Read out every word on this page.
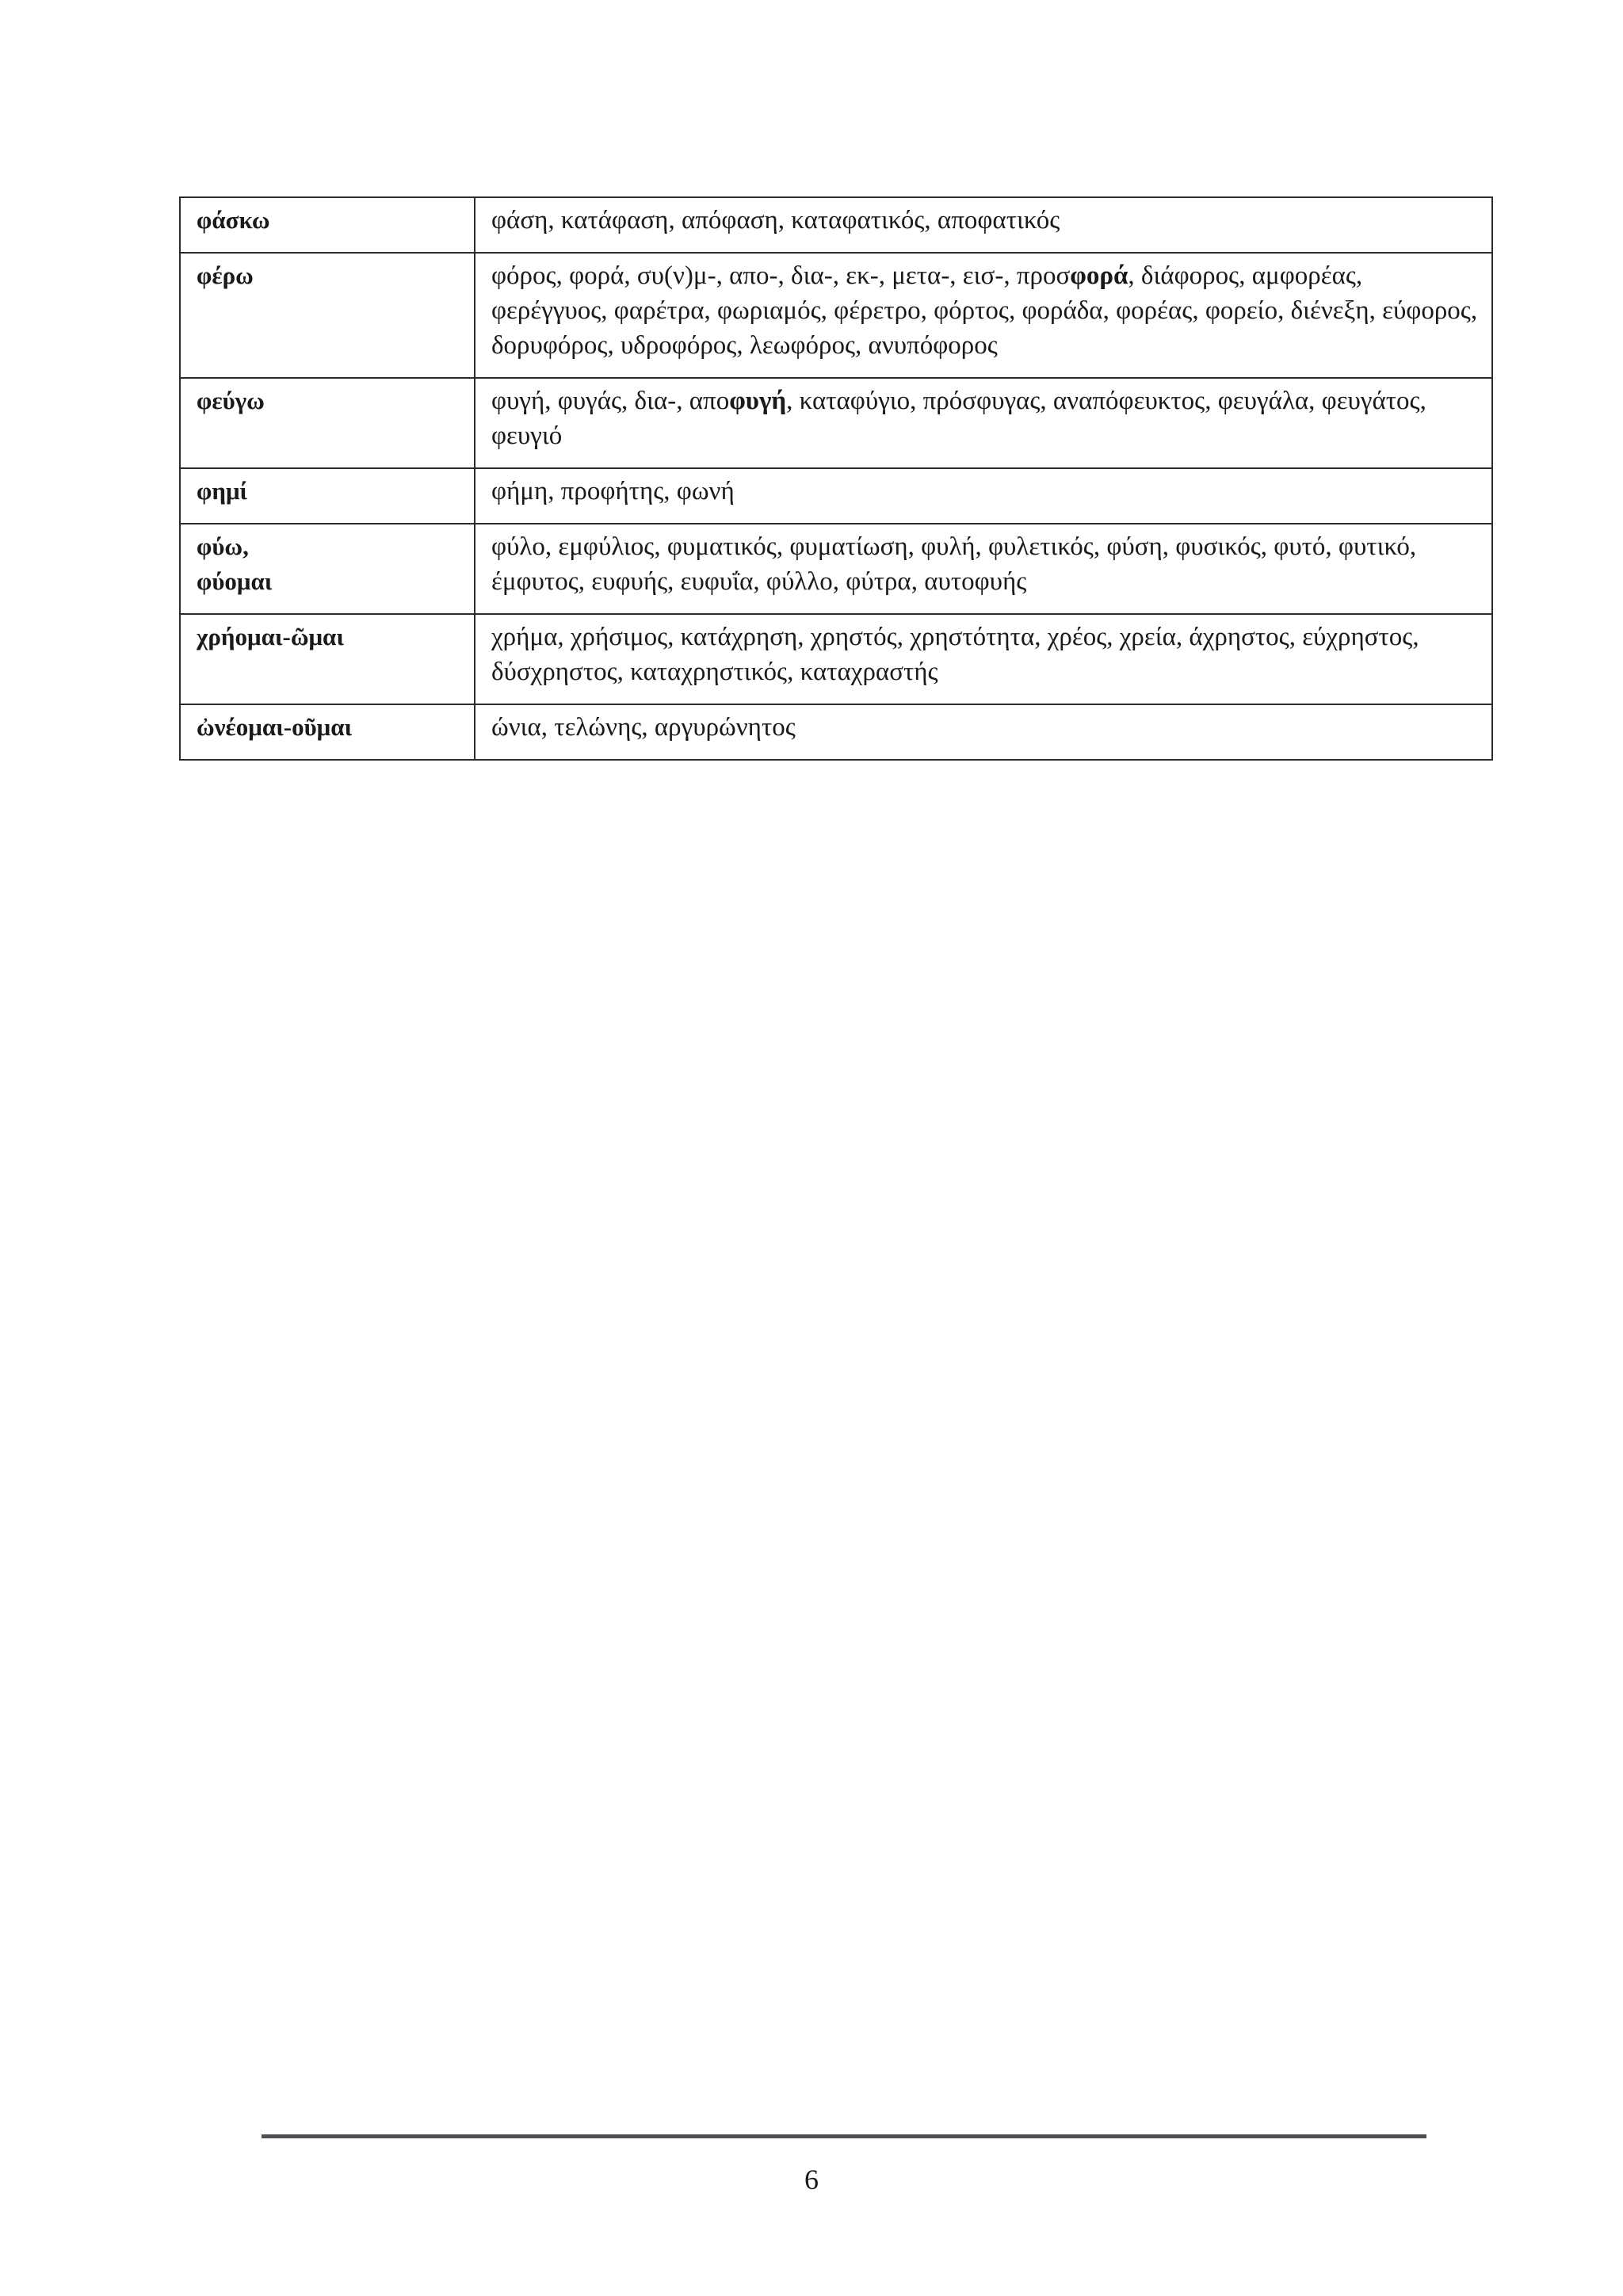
φάσκω	φάση, κατάφαση, απόφαση, καταφατικός, αποφατικός

φέρω	φόρος, φορά, συ(ν)μ-, απο-, δια-, εκ-, μετα-, εισ-, προσφορά, διάφορος, αμφορέας, φερέγγυος, φαρέτρα, φωριαμός, φέρετρο, φόρτος, φοράδα, φορέας, φορείο, διένεξη, εύφορος, δορυφόρος, υδροφόρος, λεωφόρος, ανυπόφορος

φεύγω	φυγή, φυγάς, δια-, αποφυγή, καταφύγιο, πρόσφυγας, αναπόφευκτος, φευγάλα, φευγάτος, φευγιό

φημί	φήμη, προφήτης, φωνή

φύω,
φύομαι	φύλο, εμφύλιος, φυματικός, φυματίωση, φυλή, φυλετικός, φύση, φυσικός, φυτό, φυτικό, έμφυτος, ευφυής, ευφυΐα, φύλλο, φύτρα, αυτοφυής

χρήομαι-ῶμαι	χρήμα, χρήσιμος, κατάχρηση, χρηστός, χρηστότητα, χρέος, χρεία, άχρηστος, εύχρηστος, δύσχρηστος, καταχρηστικός, καταχραστής

ὠνέομαι-οῦμαι	ώνια, τελώνης, αργυρώνητος
6
